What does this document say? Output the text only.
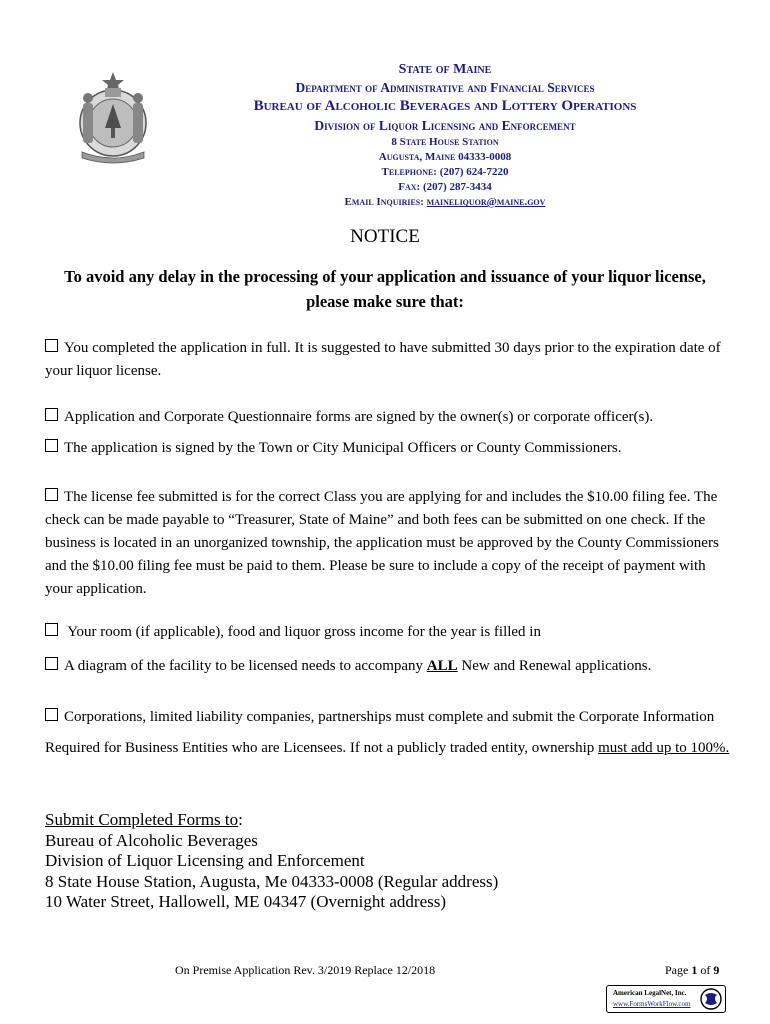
State of Maine
Department of Administrative and Financial Services
Bureau of Alcoholic Beverages and Lottery Operations
Division of Liquor Licensing and Enforcement
8 State House Station
Augusta, Maine 04333-0008
Telephone: (207) 624-7220
Fax: (207) 287-3434
Email Inquiries: maineliquor@maine.gov
NOTICE
To avoid any delay in the processing of your application and issuance of your liquor license, please make sure that:
You completed the application in full. It is suggested to have submitted 30 days prior to the expiration date of your liquor license.
Application and Corporate Questionnaire forms are signed by the owner(s) or corporate officer(s).
The application is signed by the Town or City Municipal Officers or County Commissioners.
The license fee submitted is for the correct Class you are applying for and includes the $10.00 filing fee. The check can be made payable to “Treasurer, State of Maine” and both fees can be submitted on one check. If the business is located in an unorganized township, the application must be approved by the County Commissioners and the $10.00 filing fee must be paid to them. Please be sure to include a copy of the receipt of payment with your application.
Your room (if applicable), food and liquor gross income for the year is filled in
A diagram of the facility to be licensed needs to accompany ALL New and Renewal applications.
Corporations, limited liability companies, partnerships must complete and submit the Corporate Information Required for Business Entities who are Licensees. If not a publicly traded entity, ownership must add up to 100%.
Submit Completed Forms to:
Bureau of Alcoholic Beverages
Division of Liquor Licensing and Enforcement
8 State House Station, Augusta, Me 04333-0008 (Regular address)
10 Water Street, Hallowell, ME 04347 (Overnight address)
On Premise Application Rev. 3/2019 Replace 12/2018	Page 1 of 9
American LegalNet, Inc.
www.FormsWorkFlow.com
